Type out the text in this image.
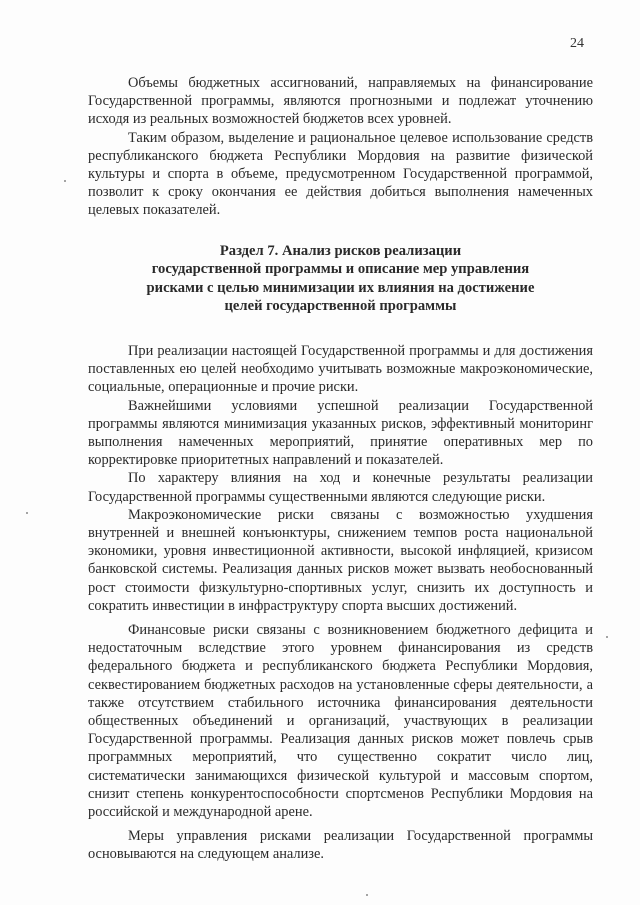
24

Объемы бюджетных ассигнований, направляемых на финансирование Государственной программы, являются прогнозными и подлежат уточнению исходя из реальных возможностей бюджетов всех уровней.

Таким образом, выделение и рациональное целевое использование средств республиканского бюджета Республики Мордовия на развитие физической культуры и спорта в объеме, предусмотренном Государственной программой, позволит к сроку окончания ее действия добиться выполнения намеченных целевых показателей.

Раздел 7. Анализ рисков реализации
государственной программы и описание мер управления
рисками с целью минимизации их влияния на достижение
целей государственной программы

При реализации настоящей Государственной программы и для достижения поставленных ею целей необходимо учитывать возможные макроэкономические, социальные, операционные и прочие риски.

Важнейшими условиями успешной реализации Государственной программы являются минимизация указанных рисков, эффективный мониторинг выполнения намеченных мероприятий, принятие оперативных мер по корректировке приоритетных направлений и показателей.

По характеру влияния на ход и конечные результаты реализации Государственной программы существенными являются следующие риски.

Макроэкономические риски связаны с возможностью ухудшения внутренней и внешней конъюнктуры, снижением темпов роста национальной экономики, уровня инвестиционной активности, высокой инфляцией, кризисом банковской системы. Реализация данных рисков может вызвать необоснованный рост стоимости физкультурно-спортивных услуг, снизить их доступность и сократить инвестиции в инфраструктуру спорта высших достижений.

Финансовые риски связаны с возникновением бюджетного дефицита и недостаточным вследствие этого уровнем финансирования из средств федерального бюджета и республиканского бюджета Республики Мордовия, секвестированием бюджетных расходов на установленные сферы деятельности, а также отсутствием стабильного источника финансирования деятельности общественных объединений и организаций, участвующих в реализации Государственной программы. Реализация данных рисков может повлечь срыв программных мероприятий, что существенно сократит число лиц, систематически занимающихся физической культурой и массовым спортом, снизит степень конкурентоспособности спортсменов Республики Мордовия на российской и международной арене.

Меры управления рисками реализации Государственной программы основываются на следующем анализе.
